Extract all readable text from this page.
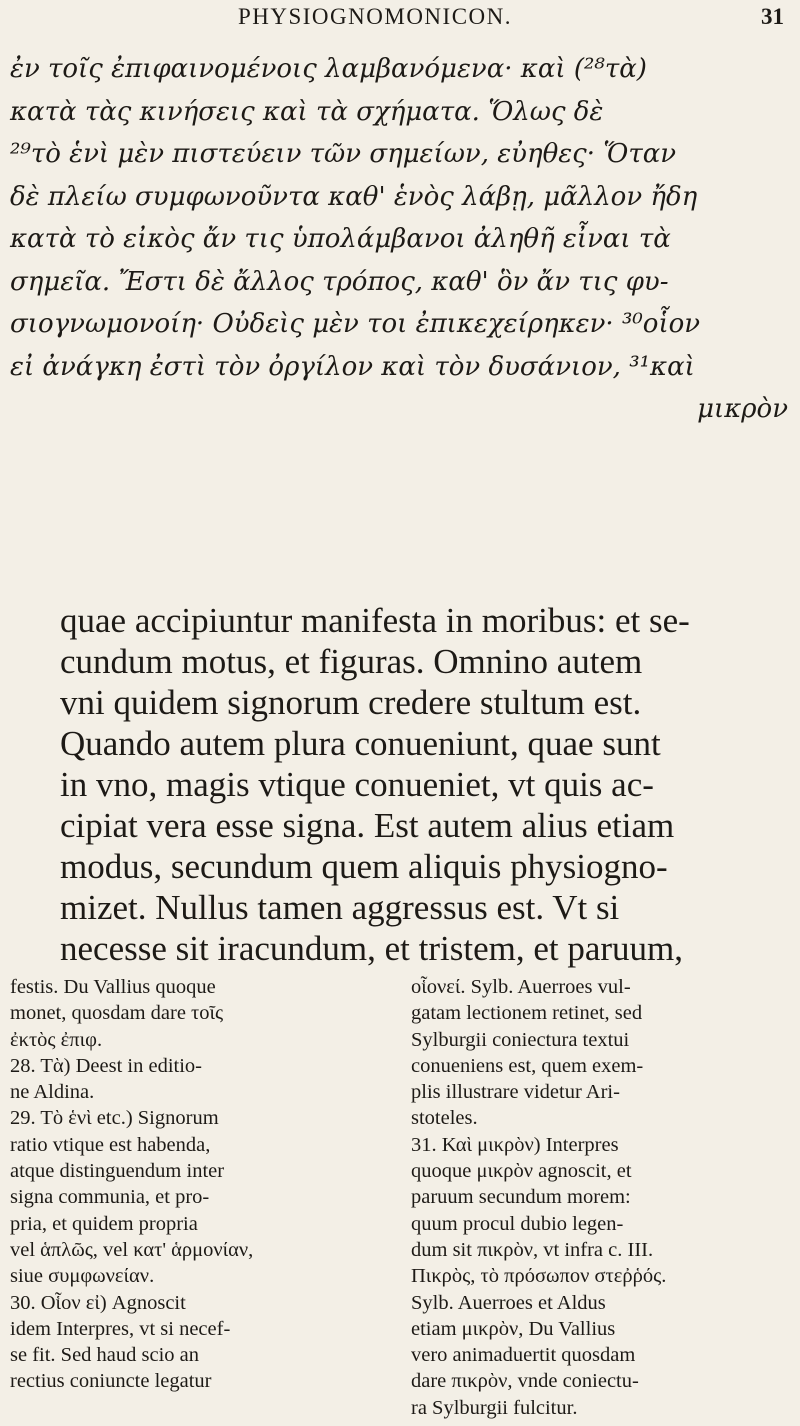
PHYSIOGNOMONICON.	31

ἐν τοῖς ἐπιφαινομένοις λαμβανόμενα· καὶ (²⁸τὰ)

κατὰ τὰς κινήσεις καὶ τὰ σχήματα. Ὅλως δὲ

²⁹τὸ ἑνὶ μὲν πιστεύειν τῶν σημείων, εὐηθες· Ὅταν

δὲ πλείω συμφωνοῦντα καθ' ἑνὸς λάβῃ, μᾶλλον ἤδη

κατὰ τὸ εἰκὸς ἄν τις ὑπολάμβανοι ἀληθῆ εἶναι τὰ

σημεῖα. Ἔστι δὲ ἄλλος τρόπος, καθ' ὃν ἄν τις φυ-

σιογνωμονοίη· Οὐδεὶς μὲν τοι ἐπικεχείρηκεν· ³⁰οἷον

εἰ ἀνάγκη ἐστὶ τὸν ὀργίλον καὶ τὸν δυσάνιον, ³¹καὶ

μικρὸν

quae accipiuntur manifesta in moribus: et se-

cundum motus, et figuras. Omnino autem

vni quidem signorum credere stultum est.

Quando autem plura conueniunt, quae sunt

in vno, magis vtique conueniet, vt quis ac-

cipiat vera esse signa. Est autem alius etiam

modus, secundum quem aliquis physiogno-

mizet. Nullus tamen aggressus est. Vt si

necesse sit iracundum, et tristem, et paruum,

festis. Du Vallius quoque

monet, quosdam dare τοῖς

ἐκτὸς ἐπιφ.

28. Τὰ) Deest in editio-

ne Aldina.

29. Τὸ ἑνὶ etc.) Signorum

ratio vtique est habenda,

atque distinguendum inter

signa communia, et pro-

pria, et quidem propria

vel ἁπλῶς, vel κατ' ἁρμονίαν,

siue συμφωνείαν.

30. Οἷον εἰ) Agnoscit

idem Interpres, vt si necef-

se fit. Sed haud scio an

rectius coniuncte legatur

οἷονεί. Sylb. Auerroes vul-

gatam lectionem retinet, sed

Sylburgii coniectura textui

conueniens est, quem exem-

plis illustrare videtur Ari-

stoteles.

31. Καὶ μικρὸν) Interpres

quoque μικρὸν agnoscit, et

paruum secundum morem:

quum procul dubio legen-

dum sit πικρὸν, vt infra c. III.

Πικρὸς, τὸ πρόσωπον στεῤῥός.

Sylb. Auerroes et Aldus

etiam μικρὸν, Du Vallius

vero animaduertit quosdam

dare πικρὸν, vnde coniectu-

ra Sylburgii fulcitur.
